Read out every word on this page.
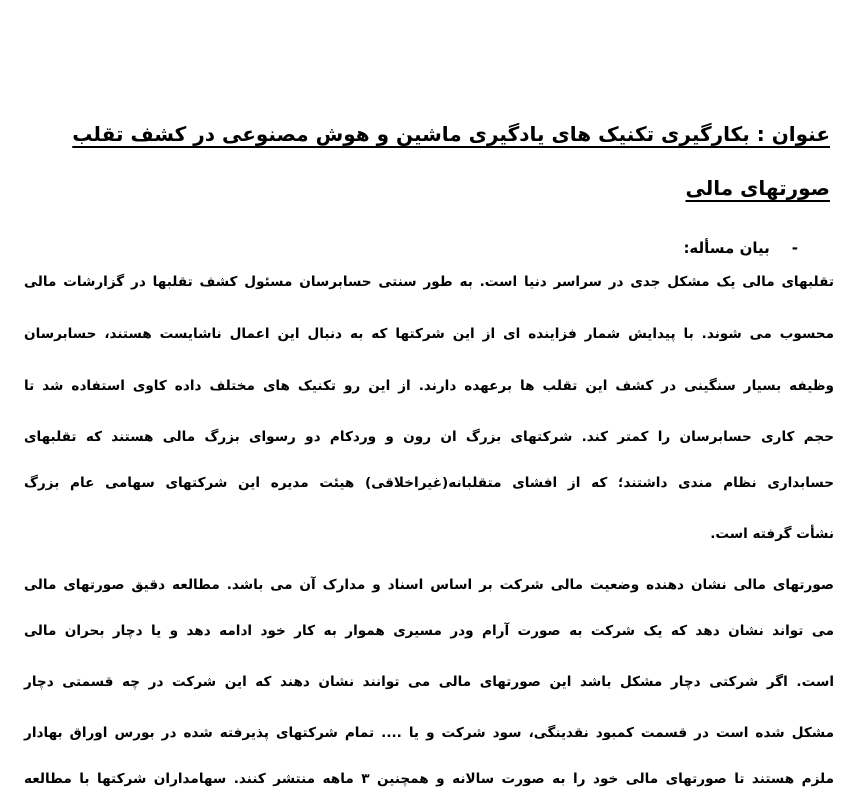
عنوان : بکارگیری تکنیک های یادگیری ماشین و هوش مصنوعی در کشف تقلب
صورتهای مالی
-بیان مسأله:
تقلبهای مالی یک مشکل جدی در سراسر دنیا است. به طور سنتی حسابرسان مسئول کشف تقلبها در گزارشات مالی
محسوب می شوند. با پیدایش شمار فزاینده ای از این شرکتها که به دنبال این اعمال ناشایست هستند، حسابرسان
وظیفه بسیار سنگینی در کشف این تقلب ها برعهده دارند. از این رو تکنیک های مختلف داده کاوی استفاده شد تا
حجم کاری حسابرسان را کمتر کند. شرکتهای بزرگ ان رون و وردکام دو رسوای بزرگ مالی هستند که تقلبهای
حسابداری نظام مندی داشتند؛ که از افشای متقلبانه(غیراخلاقی) هیئت مدیره این شرکتهای سهامی عام بزرگ
نشأت گرفته است.
صورتهای مالی نشان دهنده وضعیت مالی شرکت بر اساس اسناد و مدارک آن می باشد. مطالعه دقیق صورتهای مالی
می تواند نشان دهد که یک شرکت به صورت آرام ودر مسیری هموار به کار خود ادامه دهد و یا دچار بحران مالی
است. اگر شرکتی دچار مشکل باشد این صورتهای مالی می توانند نشان دهند که این شرکت در چه قسمتی دچار
مشکل شده است در قسمت کمبود نقدینگی، سود شرکت و یا .... تمام شرکتهای پذیرفته شده در بورس اوراق بهادار
ملزم هستند تا صورتهای مالی خود را به صورت سالانه و همچنین ۳ ماهه منتشر کنند. سهامداران شرکتها با مطالعه
